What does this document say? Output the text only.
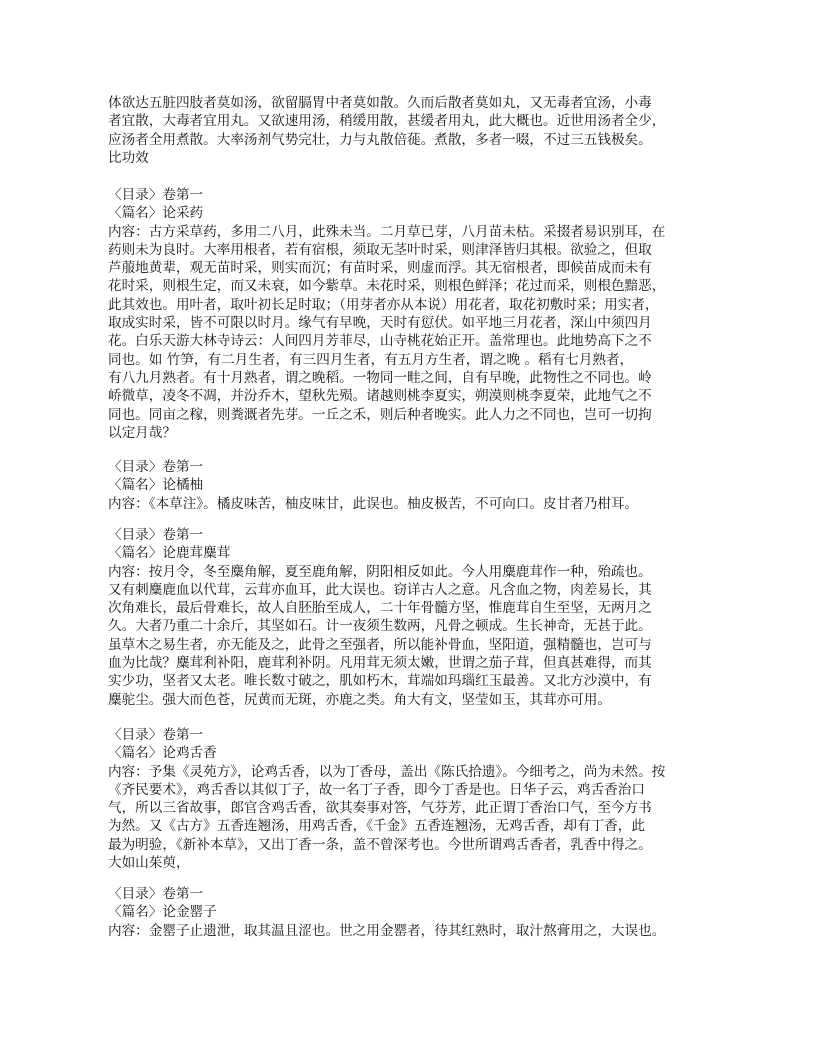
体欲达五脏四肢者莫如汤，欲留膈胃中者莫如散。久而后散者莫如丸，又无毒者宜汤，小毒
者宜散，大毒者宜用丸。又欲速用汤，稍缓用散，甚缓者用丸，此大概也。近世用汤者全少，
应汤者全用煮散。大率汤剂气势完壮，力与丸散倍蓰。煮散，多者一啜，不过三五钱极矣。
比功效
〈目录〉卷第一
〈篇名〉论采药
内容：古方采草药，多用二八月，此殊未当。二月草已芽，八月苗未枯。采掇者易识别耳，在
药则未为良时。大率用根者，若有宿根，须取无茎叶时采，则津泽皆归其根。欲验之，但取
芦菔地黄辈，观无苗时采，则实而沉；有苗时采，则虚而浮。其无宿根者，即候苗成而未有
花时采，则根生定，而又未衰，如今紫草。未花时采，则根色鲜泽；花过而采，则根色黯恶，
此其效也。用叶者，取叶初长足时取；（用芽者亦从本说）用花者，取花初敷时采；用实者，
取成实时采，皆不可限以时月。缘气有早晚，天时有愆伏。如平地三月花者，深山中须四月
花。白乐天游大林寺诗云：人间四月芳菲尽，山寺桃花始正开。盖常理也。此地势高下之不
同也。如 竹笋，有二月生者，有三四月生者，有五月方生者，谓之晚 。稻有七月熟者，
有八九月熟者。有十月熟者，谓之晚稻。一物同一畦之间，自有早晚，此物性之不同也。岭
峤微草，凌冬不凋，并汾乔木，望秋先殒。诸越则桃李夏实，朔漠则桃李夏荣，此地气之不
同也。同亩之稼，则粪溉者先芽。一丘之禾，则后种者晚实。此人力之不同也，岂可一切拘
以定月哉？
〈目录〉卷第一
〈篇名〉论橘柚
内容：《本草注》。橘皮味苦，柚皮味甘，此误也。柚皮极苦，不可向口。皮甘者乃柑耳。
〈目录〉卷第一
〈篇名〉论鹿茸麋茸
内容：按月令，冬至麋角解，夏至鹿角解，阴阳相反如此。今人用麋鹿茸作一种，殆疏也。
又有刺麋鹿血以代茸，云茸亦血耳，此大误也。窃详古人之意。凡含血之物，肉差易长，其
次角难长，最后骨难长，故人自胚胎至成人，二十年骨髓方坚，惟鹿茸自生至坚，无两月之
久。大者乃重二十余斤，其坚如石。计一夜须生数两，凡骨之顿成。生长神奇，无甚于此。
虽草木之易生者，亦无能及之，此骨之至强者，所以能补骨血，坚阳道，强精髓也，岂可与
血为比哉？麋茸利补阳，鹿茸利补阴。凡用茸无须太嫩，世谓之茄子茸，但真甚难得，而其
实少功，坚者又太老。唯长数寸破之，肌如朽木，茸端如玛瑙红玉最善。又北方沙漠中，有
麋驼尘。强大而色苍，尻黄而无斑，亦鹿之类。角大有文，坚莹如玉，其茸亦可用。
〈目录〉卷第一
〈篇名〉论鸡舌香
内容：予集《灵苑方》，论鸡舌香，以为丁香母，盖出《陈氏拾遗》。今细考之，尚为未然。按
《齐民要术》，鸡舌香以其似丁子，故一名丁子香，即今丁香是也。日华子云，鸡舌香治口
气，所以三省故事，郎官含鸡舌香，欲其奏事对答，气芬芳，此正谓丁香治口气，至今方书
为然。又《古方》五香连翘汤，用鸡舌香，《千金》五香连翘汤，无鸡舌香，却有丁香，此
最为明验，《新补本草》，又出丁香一条，盖不曾深考也。今世所谓鸡舌香者，乳香中得之。
大如山茱萸，
〈目录〉卷第一
〈篇名〉论金罂子
内容：金罂子止遗泄，取其温且涩也。世之用金罂者，待其红熟时，取汁熬膏用之，大误也。
